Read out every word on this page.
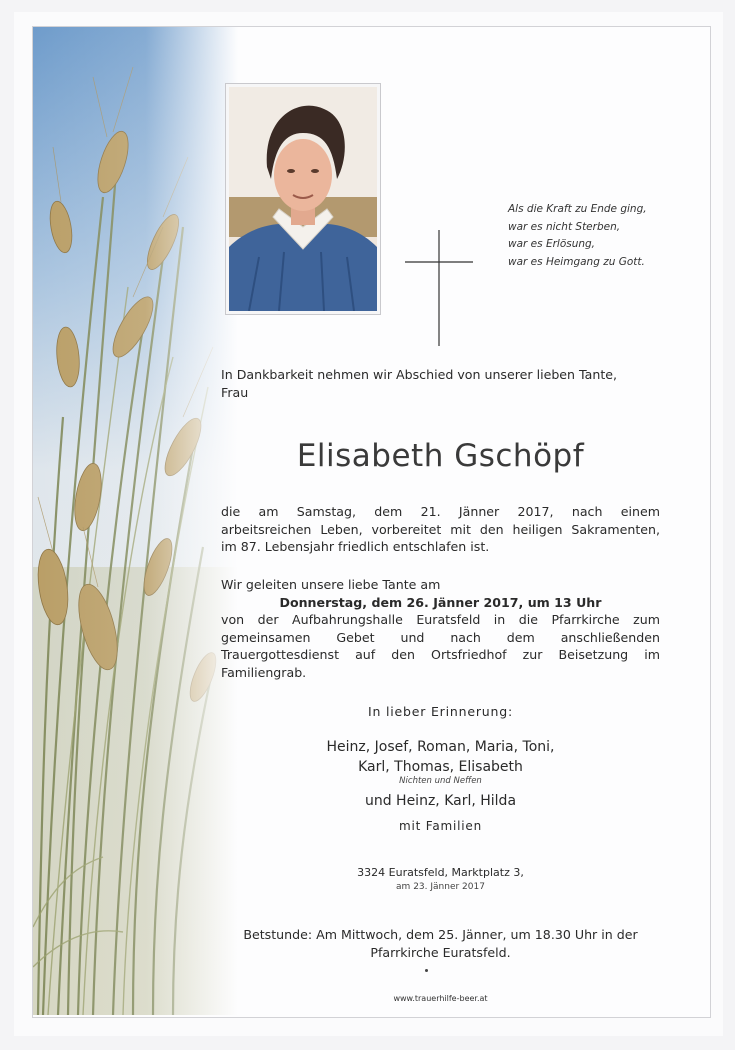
Als die Kraft zu Ende ging,
war es nicht Sterben,
war es Erlösung,
war es Heimgang zu Gott.
In Dankbarkeit nehmen wir Abschied von unserer lieben Tante,
Frau
Elisabeth Gschöpf
die am Samstag, dem 21. Jänner 2017, nach einem
arbeitsreichen Leben, vorbereitet mit den heiligen Sakramenten,
im 87. Lebensjahr friedlich entschlafen ist.
Wir geleiten unsere liebe Tante am
Donnerstag, dem 26. Jänner 2017, um 13 Uhr
von der Aufbahrungshalle Euratsfeld in die Pfarrkirche zum
gemeinsamen Gebet und nach dem anschließenden
Trauergottesdienst auf den Ortsfriedhof zur Beisetzung im
Familiengrab.
In lieber Erinnerung:
Heinz, Josef, Roman, Maria, Toni,
Karl, Thomas, Elisabeth
Nichten und Neffen
und Heinz, Karl, Hilda
mit Familien
3324 Euratsfeld, Marktplatz 3,
am 23. Jänner 2017
Betstunde: Am Mittwoch, dem 25. Jänner, um 18.30 Uhr in der
Pfarrkirche Euratsfeld.
www.trauerhilfe-beer.at
